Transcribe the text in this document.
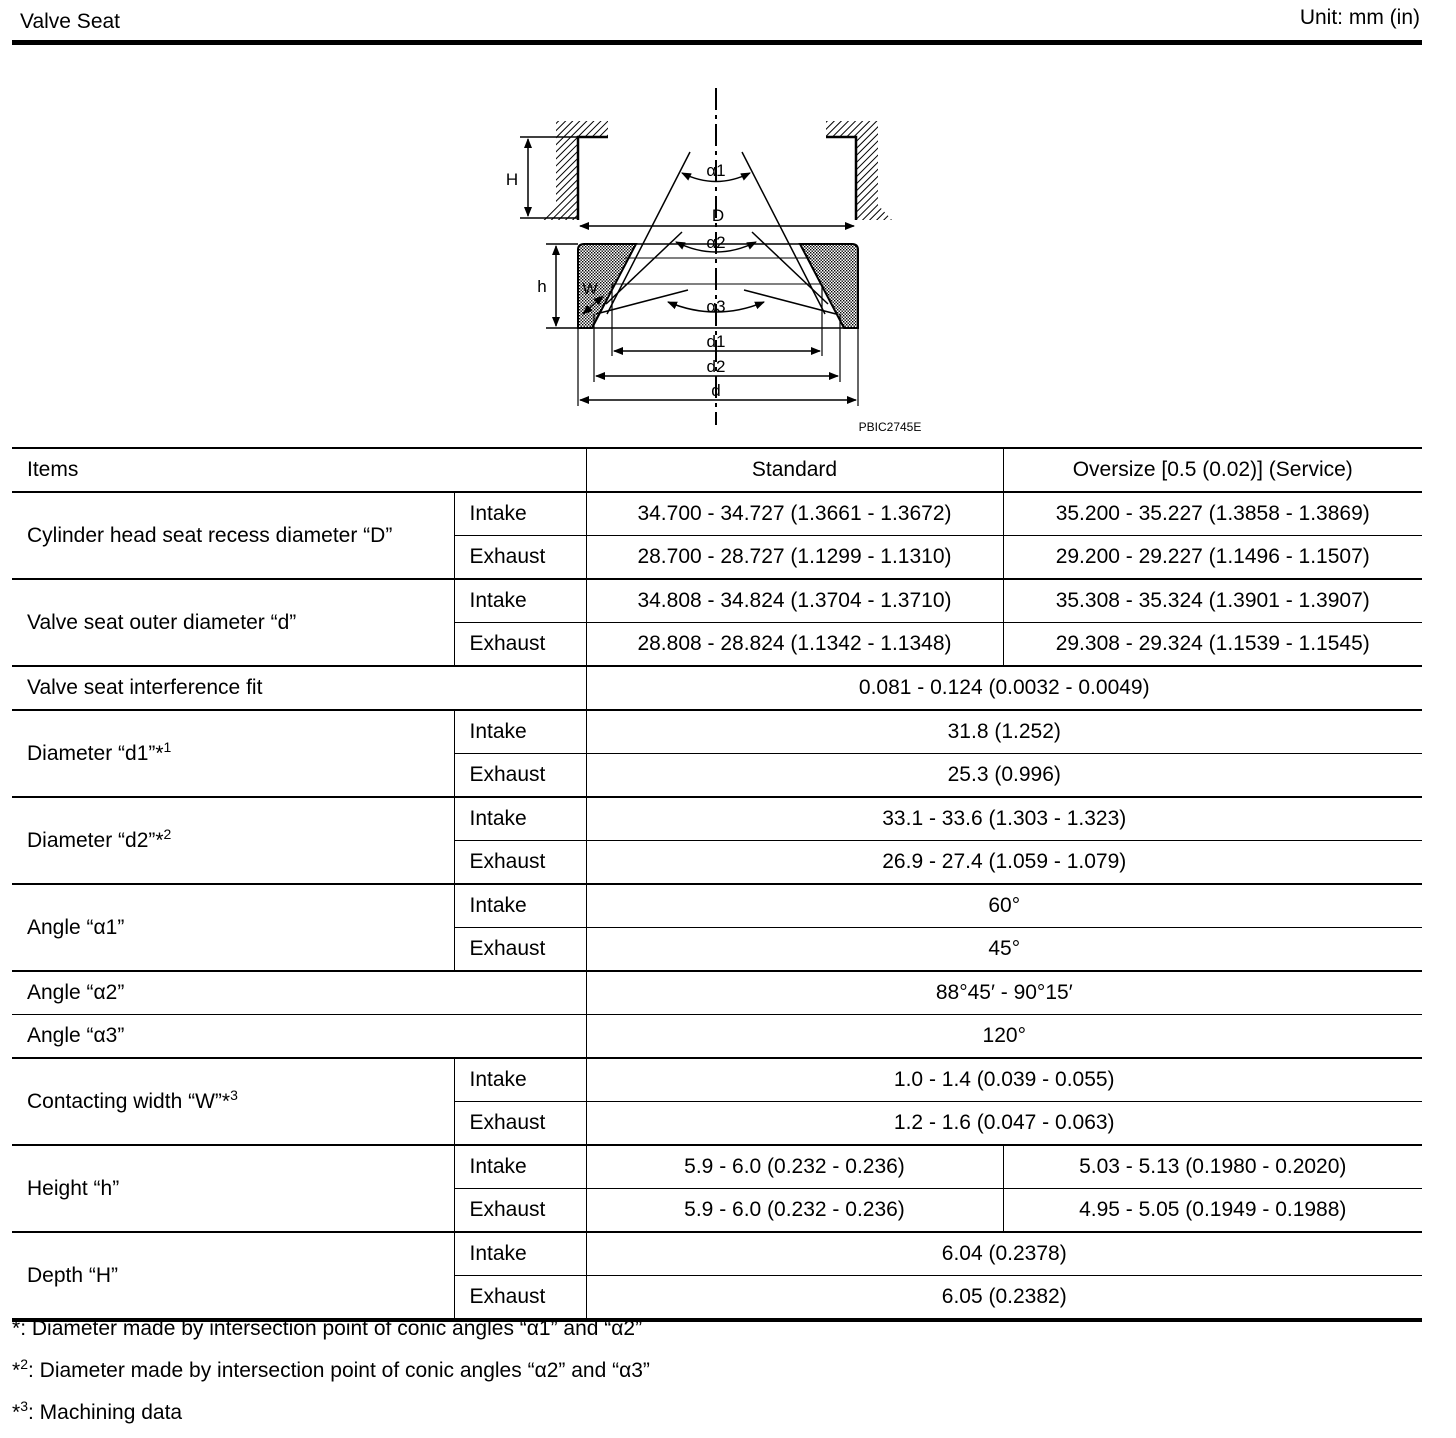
Valve Seat	Unit: mm (in)
H
D
α1
α2
α3
h W
d1
d2
d
PBIC2745E
Items		Standard	Oversize [0.5 (0.02)] (Service)
Cylinder head seat recess diameter “D”	Intake	34.700 - 34.727 (1.3661 - 1.3672)	35.200 - 35.227 (1.3858 - 1.3869)
	Exhaust	28.700 - 28.727 (1.1299 - 1.1310)	29.200 - 29.227 (1.1496 - 1.1507)
Valve seat outer diameter “d”	Intake	34.808 - 34.824 (1.3704 - 1.3710)	35.308 - 35.324 (1.3901 - 1.3907)
	Exhaust	28.808 - 28.824 (1.1342 - 1.1348)	29.308 - 29.324 (1.1539 - 1.1545)
Valve seat interference fit		0.081 - 0.124 (0.0032 - 0.0049)	
Diameter “d1”*$^1$	Intake	31.8 (1.252)	
	Exhaust	25.3 (0.996)	
Diameter “d2”*$^2$	Intake	33.1 - 33.6 (1.303 - 1.323)	
	Exhaust	26.9 - 27.4 (1.059 - 1.079)	
Angle “α1”	Intake	60°	
	Exhaust	45°	
Angle “α2”		88°45′ - 90°15′	
Angle “α3”		120°	
Contacting width “W”*$^3$	Intake	1.0 - 1.4 (0.039 - 0.055)	
	Exhaust	1.2 - 1.6 (0.047 - 0.063)	
Height “h”	Intake	5.9 - 6.0 (0.232 - 0.236)	5.03 - 5.13 (0.1980 - 0.2020)
	Exhaust	5.9 - 6.0 (0.232 - 0.236)	4.95 - 5.05 (0.1949 - 0.1988)
Depth “H”	Intake	6.04 (0.2378)	
	Exhaust	6.05 (0.2382)	

*: Diameter made by intersection point of conic angles “α1” and “α2”

*$^2$: Diameter made by intersection point of conic angles “α2” and “α3”

*$^3$: Machining data
